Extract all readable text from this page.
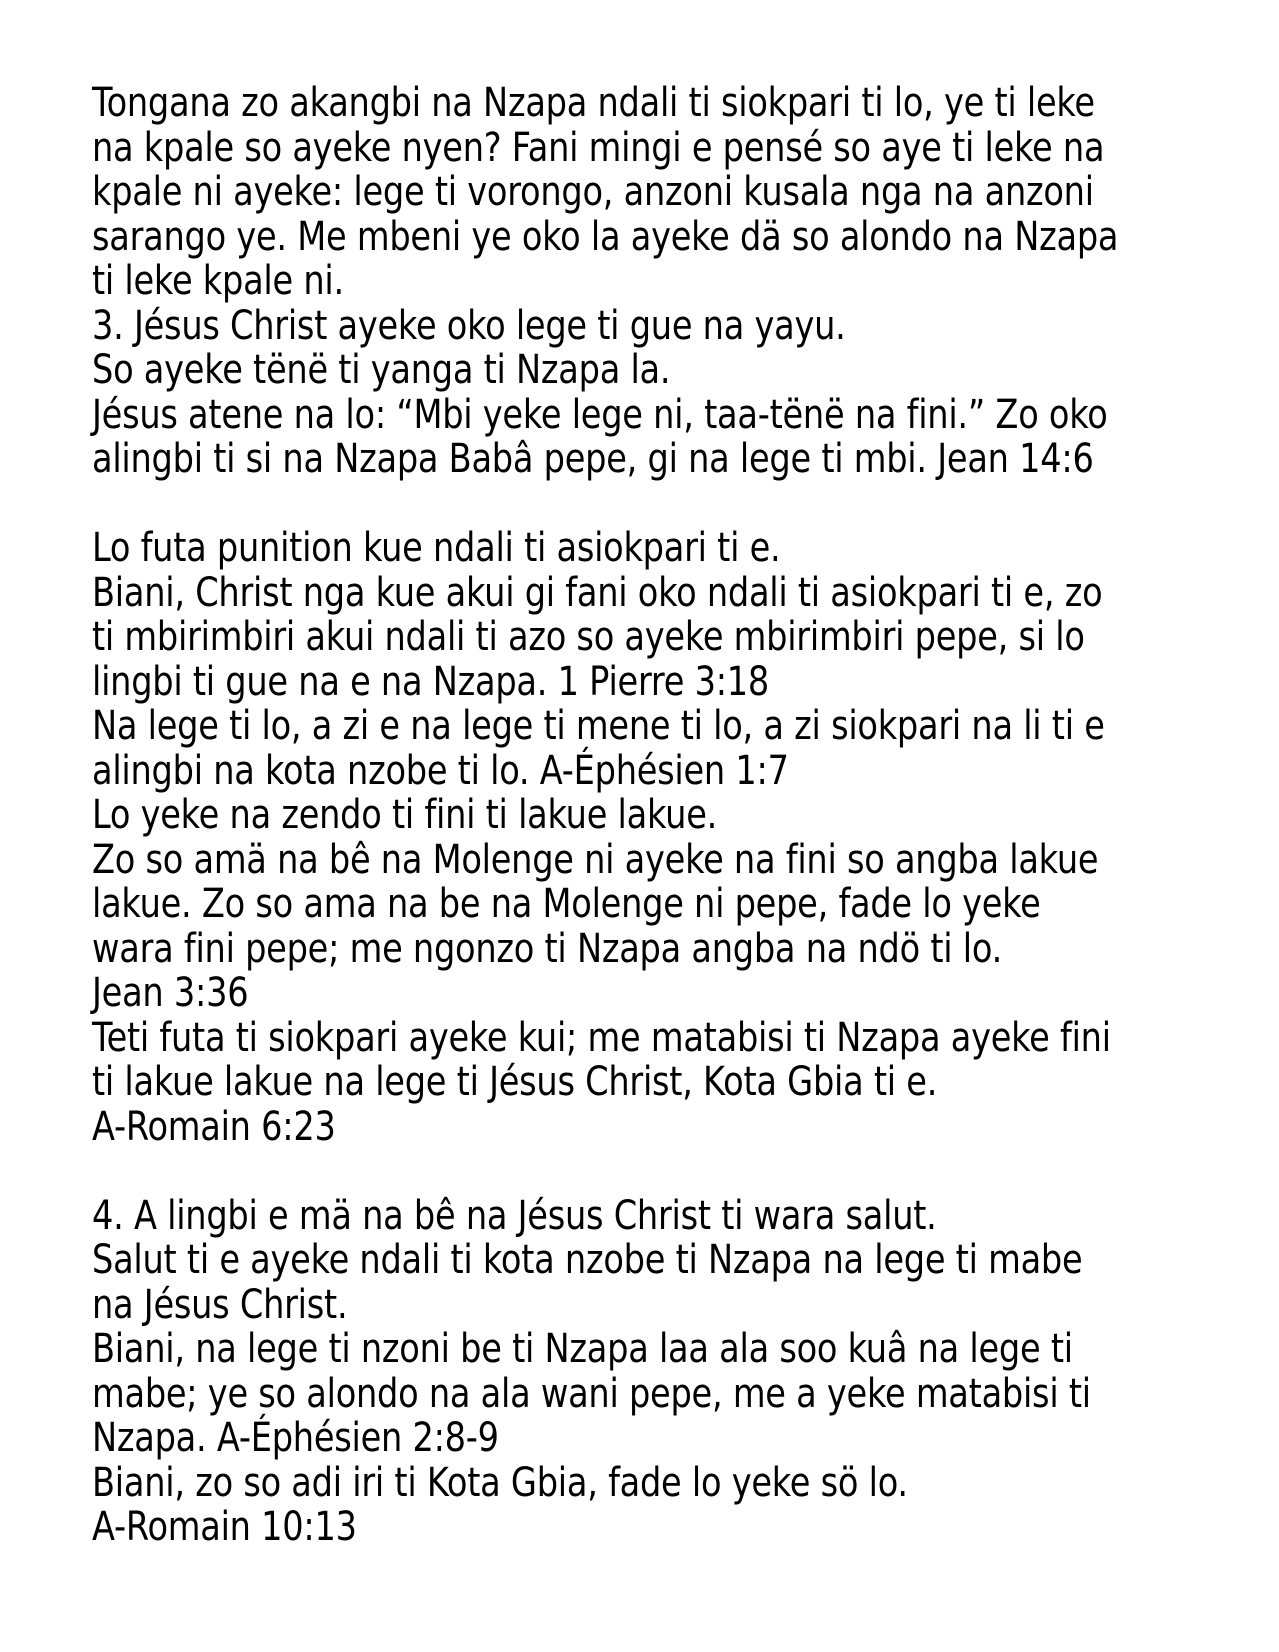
Tongana zo akangbi na Nzapa ndali ti siokpari ti lo, ye ti leke
na kpale so ayeke nyen? Fani mingi e pensé so aye ti leke na
kpale ni ayeke: lege ti vorongo, anzoni kusala nga na anzoni
sarango ye. Me mbeni ye oko la ayeke dä so alondo na Nzapa
ti leke kpale ni.
3. Jésus Christ ayeke oko lege ti gue na yayu.
So ayeke tënë ti yanga ti Nzapa la.
Jésus atene na lo: “Mbi yeke lege ni, taa-tënë na fini.” Zo oko
alingbi ti si na Nzapa Babâ pepe, gi na lege ti mbi. Jean 14:6

Lo futa punition kue ndali ti asiokpari ti e.
Biani, Christ nga kue akui gi fani oko ndali ti asiokpari ti e, zo
ti mbirimbiri akui ndali ti azo so ayeke mbirimbiri pepe, si lo
lingbi ti gue na e na Nzapa. 1 Pierre 3:18
Na lege ti lo, a zi e na lege ti mene ti lo, a zi siokpari na li ti e
alingbi na kota nzobe ti lo. A-Éphésien 1:7
Lo yeke na zendo ti fini ti lakue lakue.
Zo so amä na bê na Molenge ni ayeke na fini so angba lakue
lakue. Zo so ama na be na Molenge ni pepe, fade lo yeke
wara fini pepe; me ngonzo ti Nzapa angba na ndö ti lo.
Jean 3:36
Teti futa ti siokpari ayeke kui; me matabisi ti Nzapa ayeke fini
ti lakue lakue na lege ti Jésus Christ, Kota Gbia ti e.
A-Romain 6:23

4. A lingbi e mä na bê na Jésus Christ ti wara salut.
Salut ti e ayeke ndali ti kota nzobe ti Nzapa na lege ti mabe
na Jésus Christ.
Biani, na lege ti nzoni be ti Nzapa laa ala soo kuâ na lege ti
mabe; ye so alondo na ala wani pepe, me a yeke matabisi ti
Nzapa. A-Éphésien 2:8-9
Biani, zo so adi iri ti Kota Gbia, fade lo yeke sö lo.
A-Romain 10:13
